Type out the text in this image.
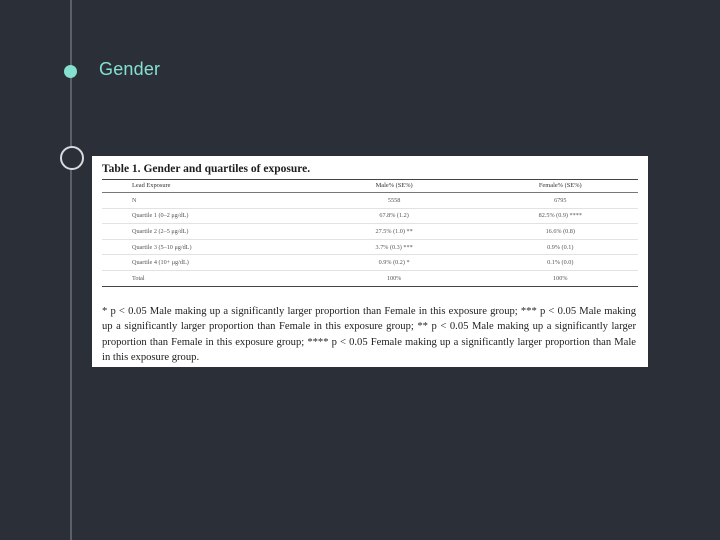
Gender
Table 1. Gender and quartiles of exposure.
Lead Exposure	Male% (SE%)	Female% (SE%)
N	5558	6795
Quartile 1 (0–2 μg/dL)	67.8% (1.2)	82.5% (0.9) ****
Quartile 2 (2–5 μg/dL)	27.5% (1.0) **	16.6% (0.8)
Quartile 3 (5–10 μg/dL)	3.7% (0.3) ***	0.9% (0.1)
Quartile 4 (10+ μg/dL)	0.9% (0.2) *	0.1% (0.0)
Total	100%	100%
* p < 0.05 Male making up a significantly larger proportion than Female in this exposure group; *** p < 0.05 Male making up a significantly larger proportion than Female in this exposure group; ** p < 0.05 Male making up a significantly larger proportion than Female in this exposure group; **** p < 0.05 Female making up a significantly larger proportion than Male in this exposure group.
